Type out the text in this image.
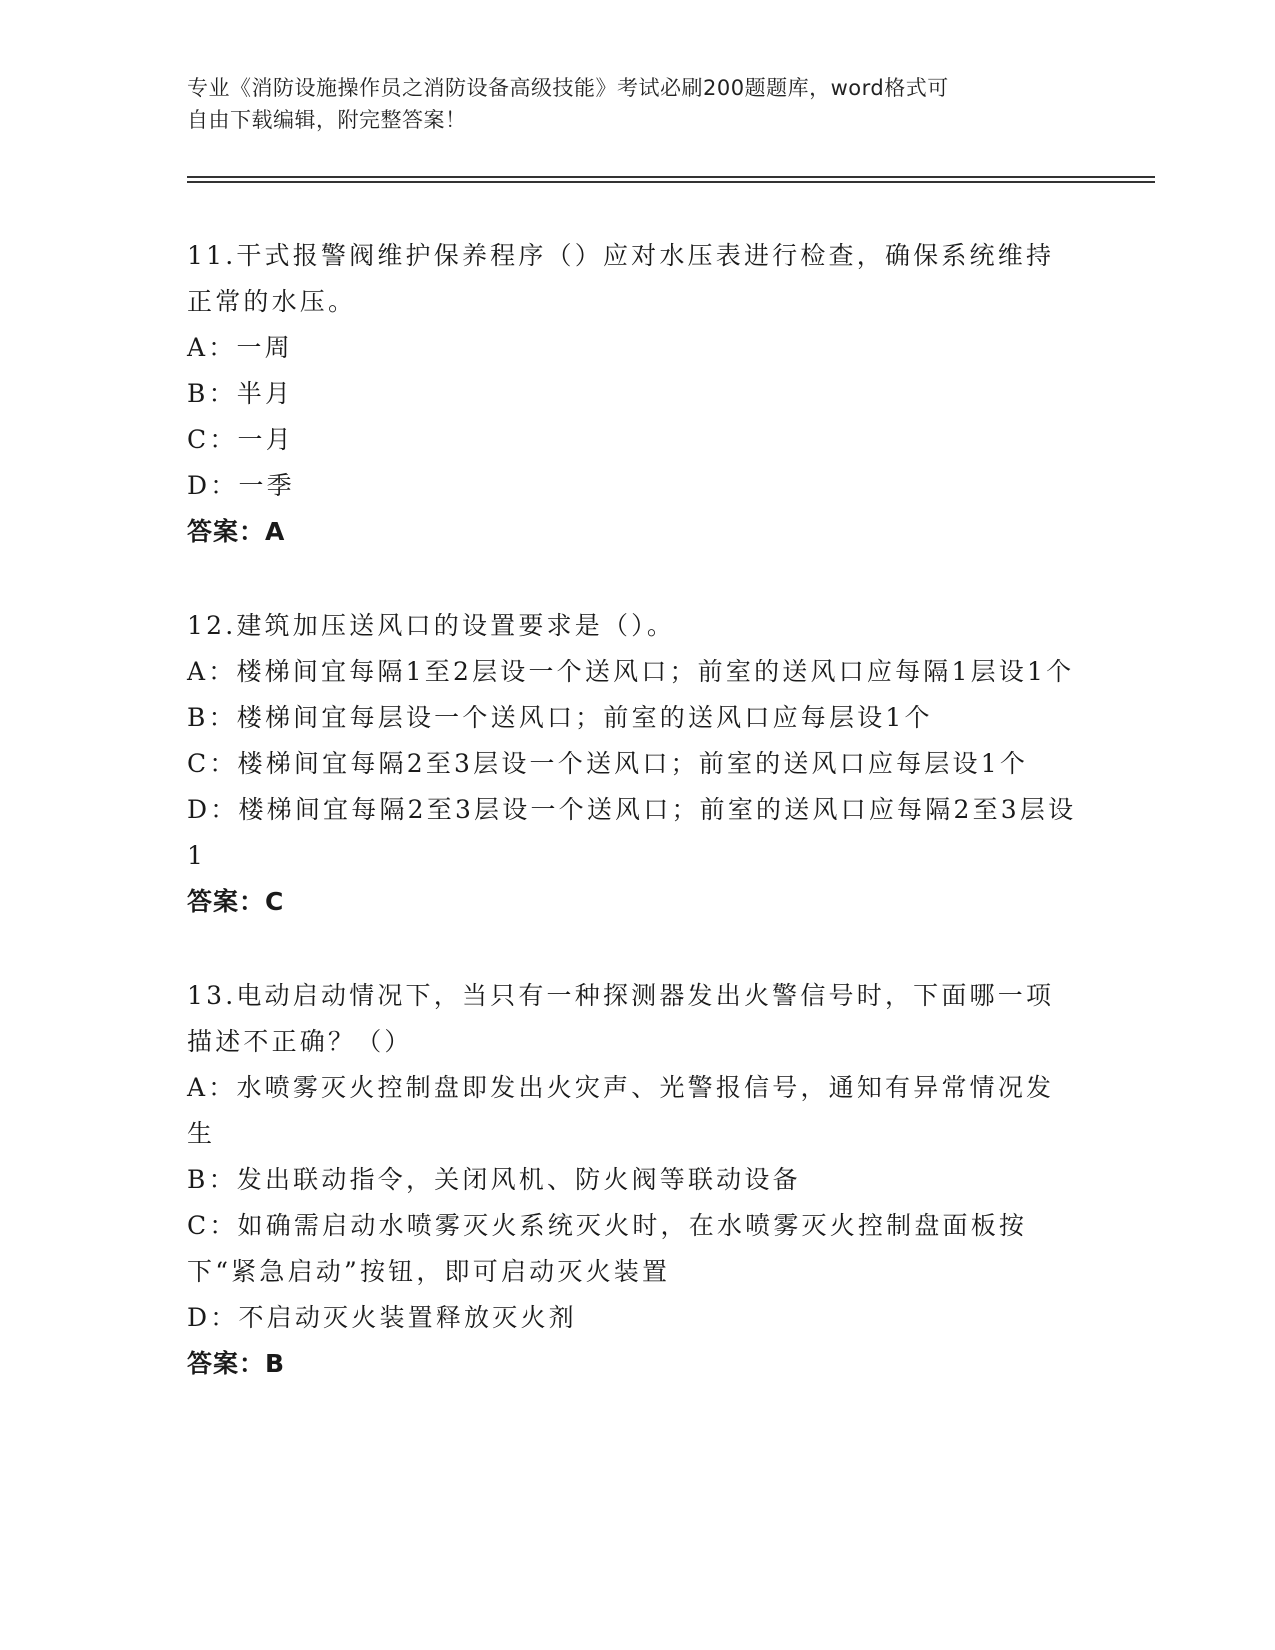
专业《消防设施操作员之消防设备高级技能》考试必刷200题题库，word格式可
自由下载编辑，附完整答案！

11.干式报警阀维护保养程序（）应对水压表进行检查，确保系统维持正常的水压。

A：一周

B：半月

C：一月

D：一季

答案：A

12.建筑加压送风口的设置要求是（）。

A：楼梯间宜每隔1至2层设一个送风口；前室的送风口应每隔1层设1个

B：楼梯间宜每层设一个送风口；前室的送风口应每层设1个

C：楼梯间宜每隔2至3层设一个送风口；前室的送风口应每层设1个

D：楼梯间宜每隔2至3层设一个送风口；前室的送风口应每隔2至3层设1

答案：C

13.电动启动情况下，当只有一种探测器发出火警信号时，下面哪一项描述不正确？（）

A：水喷雾灭火控制盘即发出火灾声、光警报信号，通知有异常情况发生

B：发出联动指令，关闭风机、防火阀等联动设备

C：如确需启动水喷雾灭火系统灭火时，在水喷雾灭火控制盘面板按下“紧急启动”按钮，即可启动灭火装置

D：不启动灭火装置释放灭火剂

答案：B
